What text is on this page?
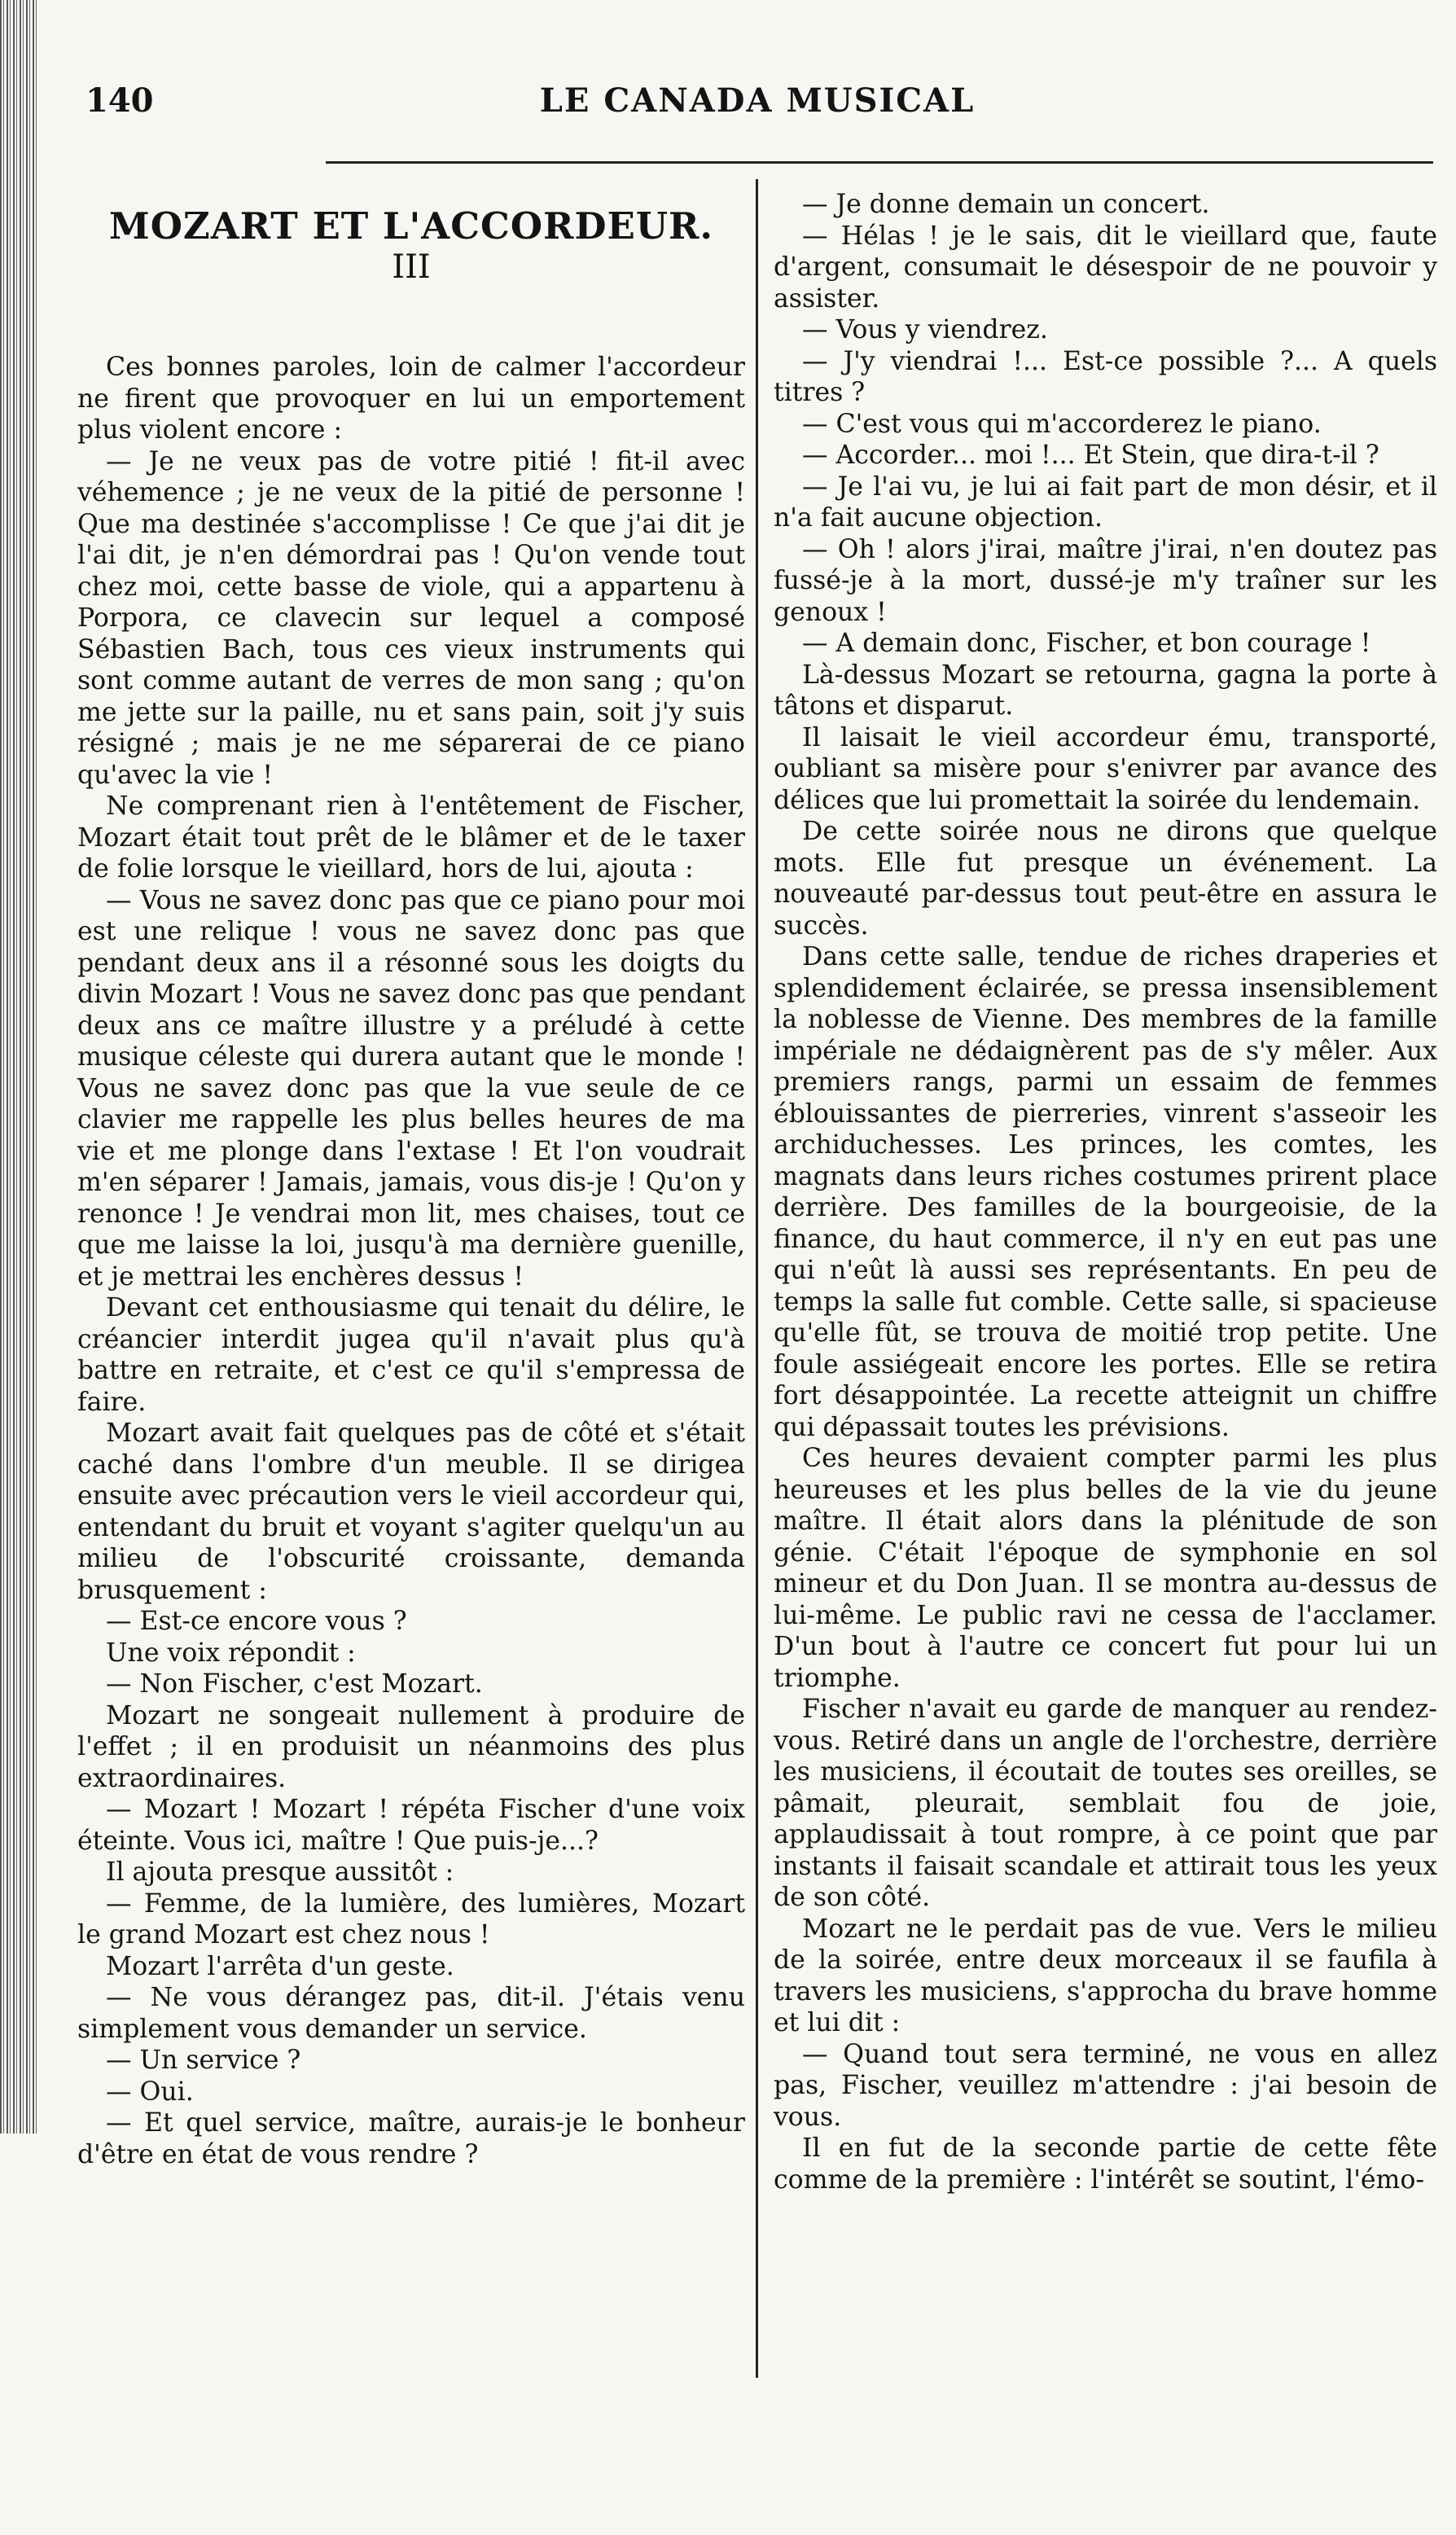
140	LE CANADA MUSICAL
MOZART ET L'ACCORDEUR.
III

Ces bonnes paroles, loin de calmer l'accordeur ne firent que provoquer en lui un emportement plus violent encore :

— Je ne veux pas de votre pitié ! fit-il avec véhemence ; je ne veux de la pitié de personne ! Que ma destinée s'accomplisse ! Ce que j'ai dit je l'ai dit, je n'en démordrai pas ! Qu'on vende tout chez moi, cette basse de viole, qui a appartenu à Porpora, ce clavecin sur lequel a composé Sébastien Bach, tous ces vieux instruments qui sont comme autant de verres de mon sang ; qu'on me jette sur la paille, nu et sans pain, soit j'y suis résigné ; mais je ne me séparerai de ce piano qu'avec la vie !

Ne comprenant rien à l'entêtement de Fischer, Mozart était tout prêt de le blâmer et de le taxer de folie lorsque le vieillard, hors de lui, ajouta :

— Vous ne savez donc pas que ce piano pour moi est une relique ! vous ne savez donc pas que pendant deux ans il a résonné sous les doigts du divin Mozart ! Vous ne savez donc pas que pendant deux ans ce maître illustre y a préludé à cette musique céleste qui durera autant que le monde ! Vous ne savez donc pas que la vue seule de ce clavier me rappelle les plus belles heures de ma vie et me plonge dans l'extase ! Et l'on voudrait m'en séparer ! Jamais, jamais, vous dis-je ! Qu'on y renonce ! Je vendrai mon lit, mes chaises, tout ce que me laisse la loi, jusqu'à ma dernière guenille, et je mettrai les enchères dessus !

Devant cet enthousiasme qui tenait du délire, le créancier interdit jugea qu'il n'avait plus qu'à battre en retraite, et c'est ce qu'il s'empressa de faire.

Mozart avait fait quelques pas de côté et s'était caché dans l'ombre d'un meuble. Il se dirigea ensuite avec précaution vers le vieil accordeur qui, entendant du bruit et voyant s'agiter quelqu'un au milieu de l'obscurité croissante, demanda brusquement :

— Est-ce encore vous ?

Une voix répondit :

— Non Fischer, c'est Mozart.

Mozart ne songeait nullement à produire de l'effet ; il en produisit un néanmoins des plus extraordinaires.

— Mozart ! Mozart ! répéta Fischer d'une voix éteinte. Vous ici, maître ! Que puis-je...?

Il ajouta presque aussitôt :

— Femme, de la lumière, des lumières, Mozart le grand Mozart est chez nous !

Mozart l'arrêta d'un geste.

— Ne vous dérangez pas, dit-il. J'étais venu simplement vous demander un service.

— Un service ?

— Oui.

— Et quel service, maître, aurais-je le bonheur d'être en état de vous rendre ?

— Je donne demain un concert.

— Hélas ! je le sais, dit le vieillard que, faute d'argent, consumait le désespoir de ne pouvoir y assister.

— Vous y viendrez.

— J'y viendrai !... Est-ce possible ?... A quels titres ?

— C'est vous qui m'accorderez le piano.

— Accorder... moi !... Et Stein, que dira-t-il ?

— Je l'ai vu, je lui ai fait part de mon désir, et il n'a fait aucune objection.

— Oh ! alors j'irai, maître j'irai, n'en doutez pas fussé-je à la mort, dussé-je m'y traîner sur les genoux !

— A demain donc, Fischer, et bon courage !

Là-dessus Mozart se retourna, gagna la porte à tâtons et disparut.

Il laisait le vieil accordeur ému, transporté, oubliant sa misère pour s'enivrer par avance des délices que lui promettait la soirée du lendemain.

De cette soirée nous ne dirons que quelque mots. Elle fut presque un événement. La nouveauté par-dessus tout peut-être en assura le succès.

Dans cette salle, tendue de riches draperies et splendidement éclairée, se pressa insensiblement la noblesse de Vienne. Des membres de la famille impériale ne dédaignèrent pas de s'y mêler. Aux premiers rangs, parmi un essaim de femmes éblouissantes de pierreries, vinrent s'asseoir les archiduchesses. Les princes, les comtes, les magnats dans leurs riches costumes prirent place derrière. Des familles de la bourgeoisie, de la finance, du haut commerce, il n'y en eut pas une qui n'eût là aussi ses représentants. En peu de temps la salle fut comble. Cette salle, si spacieuse qu'elle fût, se trouva de moitié trop petite. Une foule assiégeait encore les portes. Elle se retira fort désappointée. La recette atteignit un chiffre qui dépassait toutes les prévisions.

Ces heures devaient compter parmi les plus heureuses et les plus belles de la vie du jeune maître. Il était alors dans la plénitude de son génie. C'était l'époque de symphonie en sol mineur et du Don Juan. Il se montra au-dessus de lui-même. Le public ravi ne cessa de l'acclamer. D'un bout à l'autre ce concert fut pour lui un triomphe.

Fischer n'avait eu garde de manquer au rendez-vous. Retiré dans un angle de l'orchestre, derrière les musiciens, il écoutait de toutes ses oreilles, se pâmait, pleurait, semblait fou de joie, applaudissait à tout rompre, à ce point que par instants il faisait scandale et attirait tous les yeux de son côté.

Mozart ne le perdait pas de vue. Vers le milieu de la soirée, entre deux morceaux il se faufila à travers les musiciens, s'approcha du brave homme et lui dit :

— Quand tout sera terminé, ne vous en allez pas, Fischer, veuillez m'attendre : j'ai besoin de vous.

Il en fut de la seconde partie de cette fête comme de la première : l'intérêt se soutint, l'émo-
